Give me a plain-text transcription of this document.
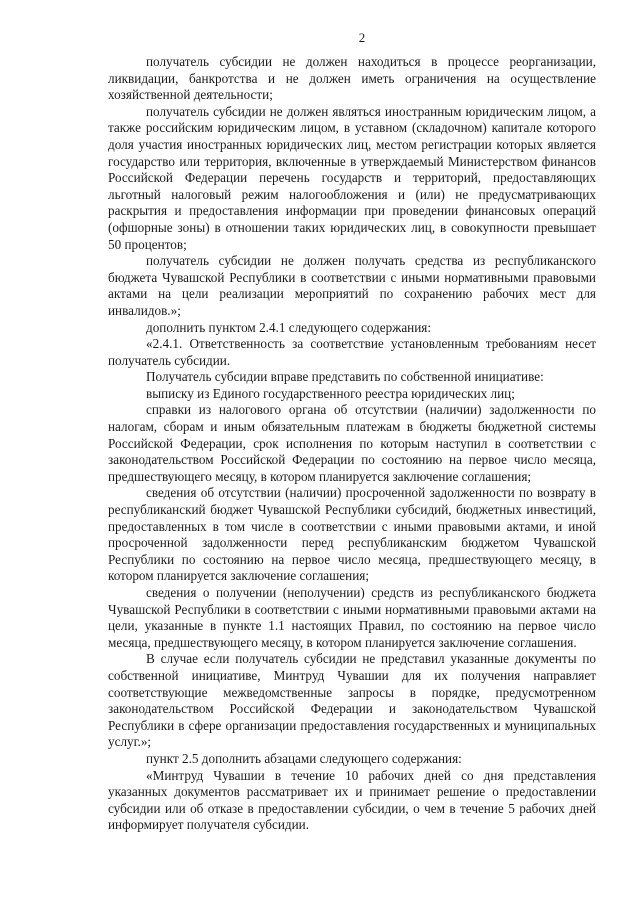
2

получатель субсидии не должен находиться в процессе реорганизации, ликвидации, банкротства и не должен иметь ограничения на осуществление хозяйственной деятельности;

получатель субсидии не должен являться иностранным юридическим лицом, а также российским юридическим лицом, в уставном (складочном) капитале которого доля участия иностранных юридических лиц, местом регистрации которых является государство или территория, включенные в утверждаемый Министерством финансов Российской Федерации перечень государств и территорий, предоставляющих льготный налоговый режим налогообложения и (или) не предусматривающих раскрытия и предоставления информации при проведении финансовых операций (офшорные зоны) в отношении таких юридических лиц, в совокупности превышает 50 процентов;

получатель субсидии не должен получать средства из республиканского бюджета Чувашской Республики в соответствии с иными нормативными правовыми актами на цели реализации мероприятий по сохранению рабочих мест для инвалидов.»;

дополнить пунктом 2.4.1 следующего содержания:

«2.4.1. Ответственность за соответствие установленным требованиям несет получатель субсидии.

Получатель субсидии вправе представить по собственной инициативе:

выписку из Единого государственного реестра юридических лиц;

справки из налогового органа об отсутствии (наличии) задолженности по налогам, сборам и иным обязательным платежам в бюджеты бюджетной системы Российской Федерации, срок исполнения по которым наступил в соответствии с законодательством Российской Федерации по состоянию на первое число месяца, предшествующего месяцу, в котором планируется заключение соглашения;

сведения об отсутствии (наличии) просроченной задолженности по возврату в республиканский бюджет Чувашской Республики субсидий, бюджетных инвестиций, предоставленных в том числе в соответствии с иными правовыми актами, и иной просроченной задолженности перед республиканским бюджетом Чувашской Республики по состоянию на первое число месяца, предшествующего месяцу, в котором планируется заключение соглашения;

сведения о получении (неполучении) средств из республиканского бюджета Чувашской Республики в соответствии с иными нормативными правовыми актами на цели, указанные в пункте 1.1 настоящих Правил, по состоянию на первое число месяца, предшествующего месяцу, в котором планируется заключение соглашения.

В случае если получатель субсидии не представил указанные документы по собственной инициативе, Минтруд Чувашии для их получения направляет соответствующие межведомственные запросы в порядке, предусмотренном законодательством Российской Федерации и законодательством Чувашской Республики в сфере организации предоставления государственных и муниципальных услуг.»;

пункт 2.5 дополнить абзацами следующего содержания:

«Минтруд Чувашии в течение 10 рабочих дней со дня представления указанных документов рассматривает их и принимает решение о предоставлении субсидии или об отказе в предоставлении субсидии, о чем в течение 5 рабочих дней информирует получателя субсидии.
